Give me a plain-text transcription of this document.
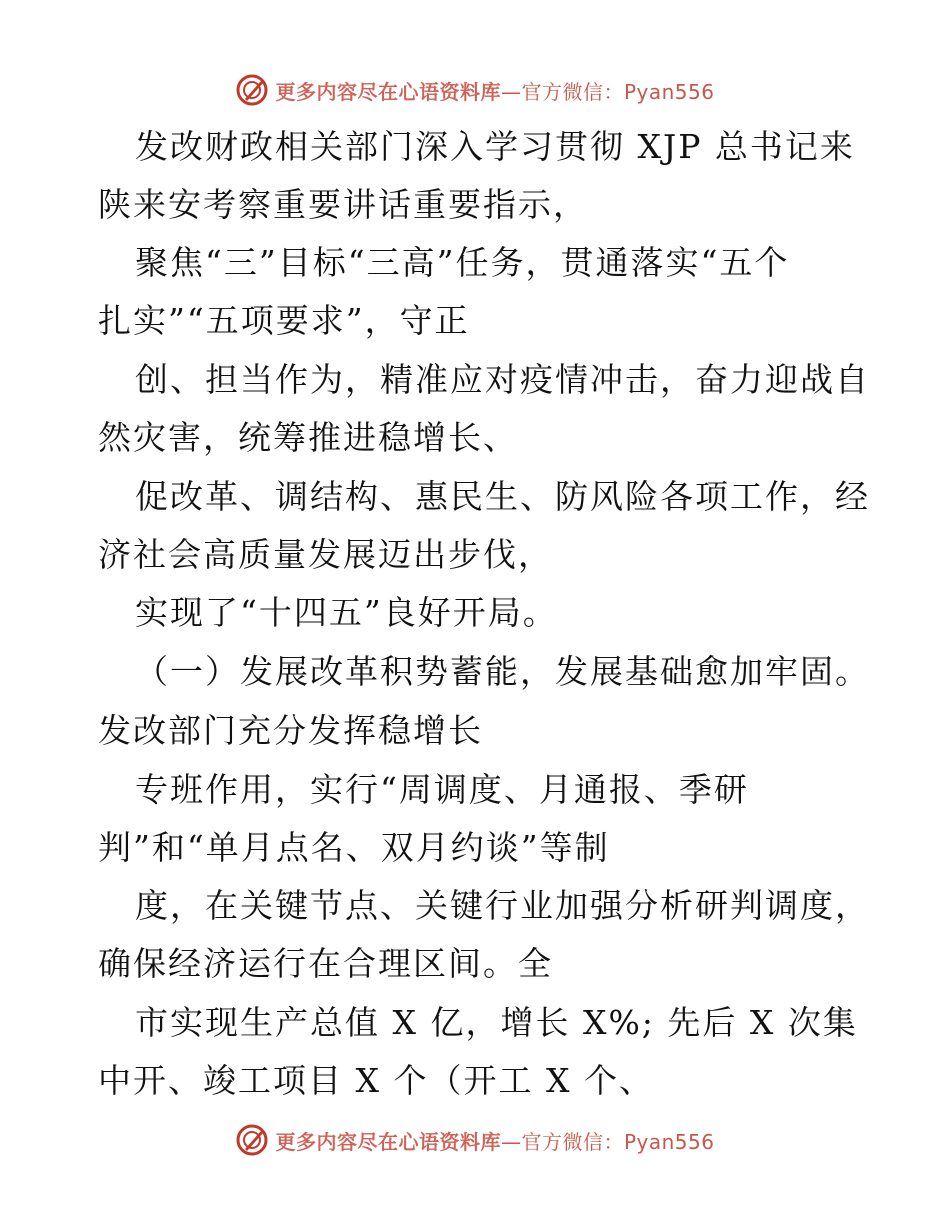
更多内容尽在心语资料库—官方微信：Pyan556
发改财政相关部门深入学习贯彻 XJP 总书记来
陕来安考察重要讲话重要指示，
聚焦“三”目标“三高”任务，贯通落实“五个
扎实”“五项要求”，守正
创、担当作为，精准应对疫情冲击，奋力迎战自
然灾害，统筹推进稳增长、
促改革、调结构、惠民生、防风险各项工作，经
济社会高质量发展迈出步伐，
实现了“十四五”良好开局。
（一）发展改革积势蓄能，发展基础愈加牢固。
发改部门充分发挥稳增长
专班作用，实行“周调度、月通报、季研
判”和“单月点名、双月约谈”等制
度，在关键节点、关键行业加强分析研判调度，
确保经济运行在合理区间。全
市实现生产总值 X 亿，增长 X%; 先后 X 次集
中开、竣工项目 X 个（开工 X 个、
更多内容尽在心语资料库—官方微信：Pyan556
